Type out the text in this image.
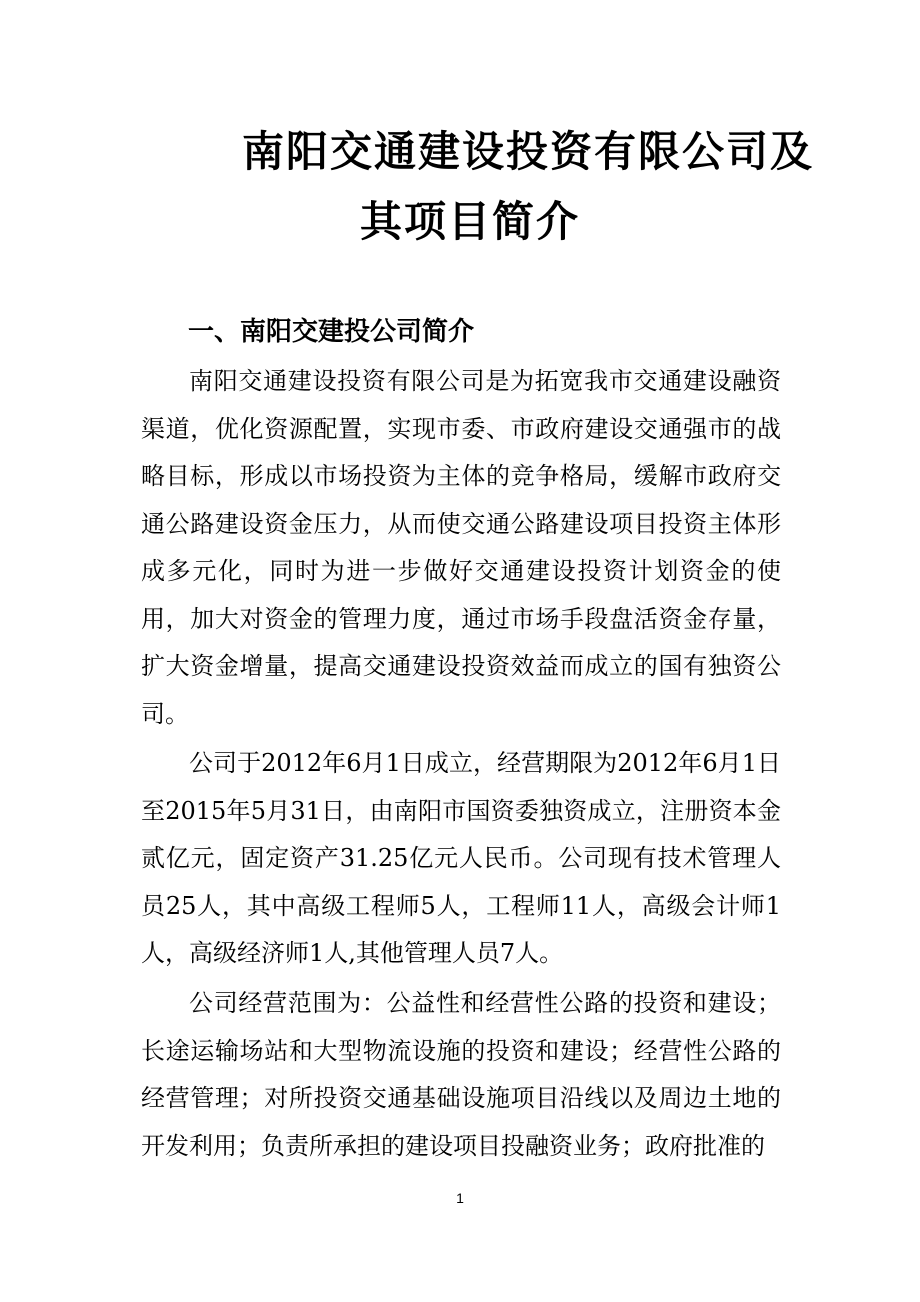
南阳交通建设投资有限公司及
其项目简介
一、南阳交建投公司简介

南阳交通建设投资有限公司是为拓宽我市交通建设融资渠道，优化资源配置，实现市委、市政府建设交通强市的战略目标，形成以市场投资为主体的竞争格局，缓解市政府交通公路建设资金压力，从而使交通公路建设项目投资主体形成多元化，同时为进一步做好交通建设投资计划资金的使用，加大对资金的管理力度，通过市场手段盘活资金存量，扩大资金增量，提高交通建设投资效益而成立的国有独资公司。

公司于2012年6月1日成立，经营期限为2012年6月1日至2015年5月31日，由南阳市国资委独资成立，注册资本金贰亿元，固定资产31.25亿元人民币。公司现有技术管理人员25人，其中高级工程师5人，工程师11人，高级会计师1人，高级经济师1人,其他管理人员7人。

公司经营范围为：公益性和经营性公路的投资和建设；长途运输场站和大型物流设施的投资和建设；经营性公路的经营管理；对所投资交通基础设施项目沿线以及周边土地的开发利用；负责所承担的建设项目投融资业务；政府批准的

1
